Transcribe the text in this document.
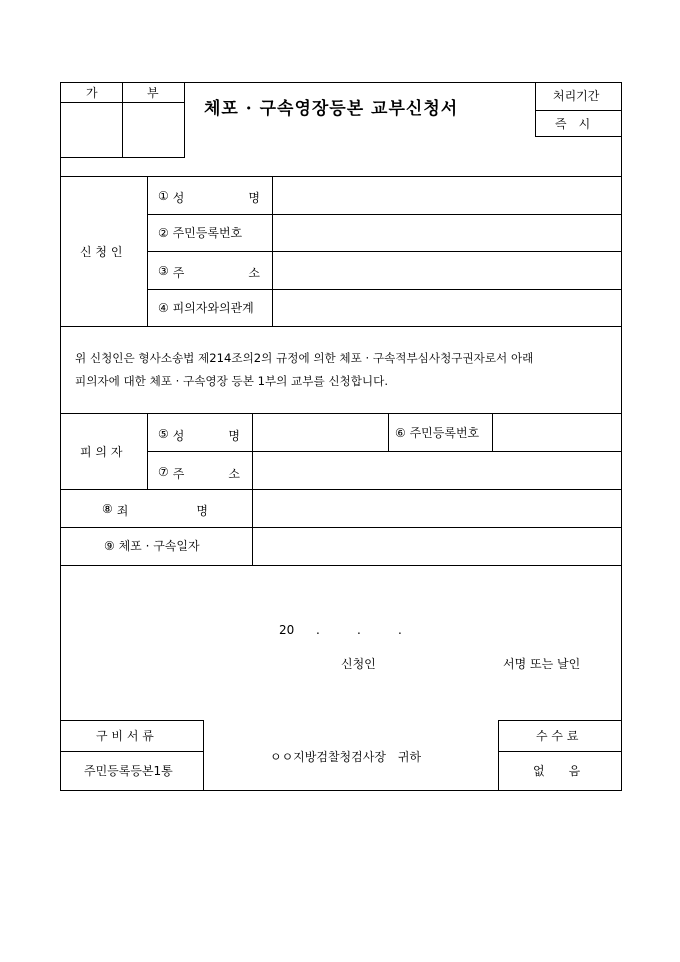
가	부
체포 · 구속영장등본 교부신청서
처리기간
즉　시
신 청 인
① 성	명
② 주민등록번호
③ 주	소
④ 피의자와의관계
위 신청인은 형사소송법 제214조의2의 규정에 의한 체포 · 구속적부심사청구권자로서 아래
피의자에 대한 체포 · 구속영장 등본 1부의 교부를 신청합니다.
피 의 자
⑤ 성	명	⑥ 주민등록번호
⑦ 주	소
⑧ 죄	명
⑨ 체포 · 구속일자
20 .	.	.
신청인	서명 또는 날인
구 비 서 류
주민등록등본1통
ㅇㅇ지방검찰청검사장　귀하
수 수 료
없　　음
